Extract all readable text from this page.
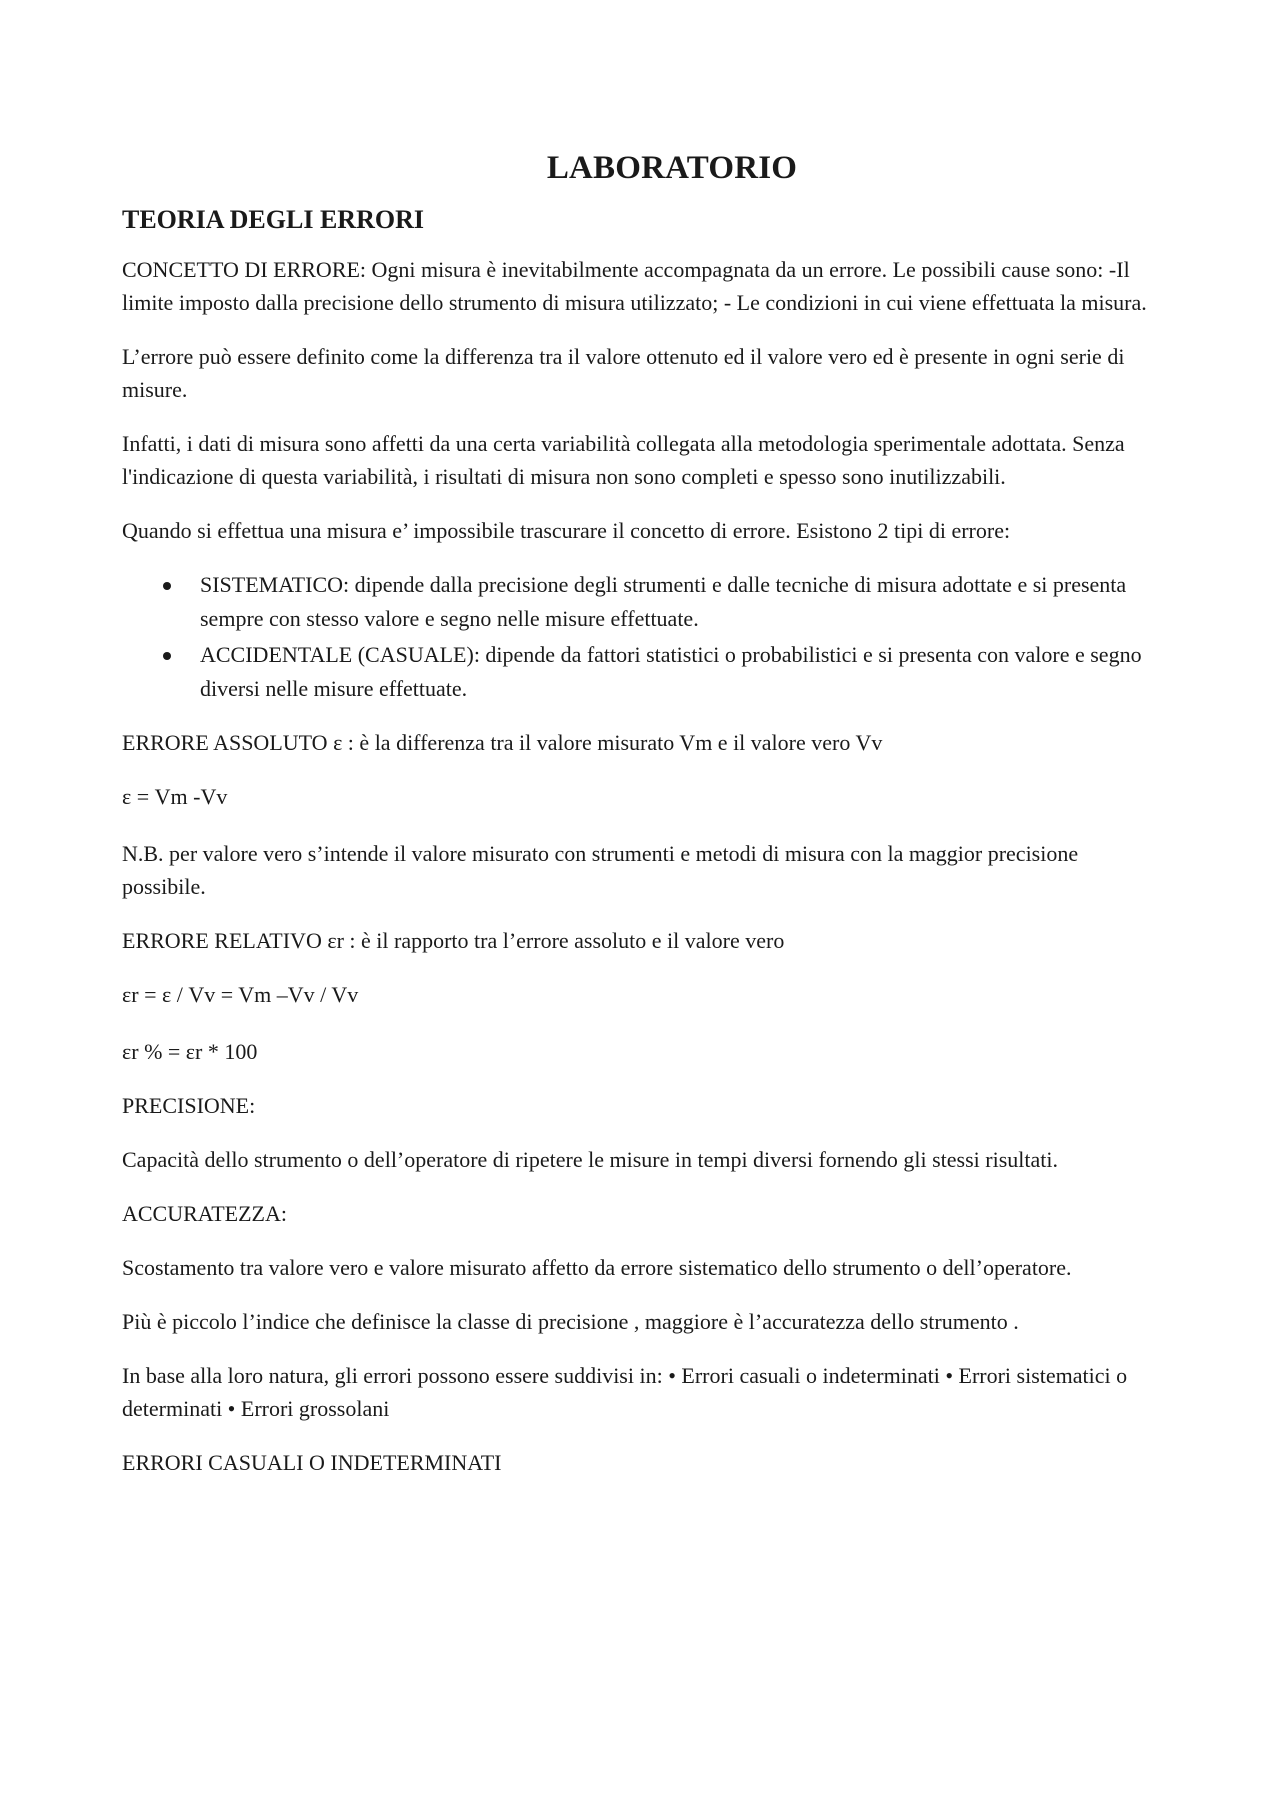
LABORATORIO
TEORIA DEGLI ERRORI

CONCETTO DI ERRORE: Ogni misura è inevitabilmente accompagnata da un errore. Le possibili cause sono: -Il limite imposto dalla precisione dello strumento di misura utilizzato; - Le condizioni in cui viene effettuata la misura.

L’errore può essere definito come la differenza tra il valore ottenuto ed il valore vero ed è presente in ogni serie di misure.

Infatti, i dati di misura sono affetti da una certa variabilità collegata alla metodologia sperimentale adottata. Senza l'indicazione di questa variabilità, i risultati di misura non sono completi e spesso sono inutilizzabili.

Quando si effettua una misura e’ impossibile trascurare il concetto di errore. Esistono 2 tipi di errore:

SISTEMATICO: dipende dalla precisione degli strumenti e dalle tecniche di misura adottate e si presenta sempre con stesso valore e segno nelle misure effettuate.
ACCIDENTALE (CASUALE): dipende da fattori statistici o probabilistici e si presenta con valore e segno diversi nelle misure effettuate.

ERRORE ASSOLUTO ε : è la differenza tra il valore misurato Vm e il valore vero Vv

ε = Vm -Vv

N.B. per valore vero s’intende il valore misurato con strumenti e metodi di misura con la maggior precisione possibile.

ERRORE RELATIVO εr : è il rapporto tra l’errore assoluto e il valore vero

εr = ε / Vv = Vm –Vv / Vv

εr % = εr * 100

PRECISIONE:

Capacità dello strumento o dell’operatore di ripetere le misure in tempi diversi fornendo gli stessi risultati.

ACCURATEZZA:

Scostamento tra valore vero e valore misurato affetto da errore sistematico dello strumento o dell’operatore.

Più è piccolo l’indice che definisce la classe di precisione , maggiore è l’accuratezza dello strumento .

In base alla loro natura, gli errori possono essere suddivisi in: • Errori casuali o indeterminati • Errori sistematici o determinati • Errori grossolani

ERRORI CASUALI O INDETERMINATI
